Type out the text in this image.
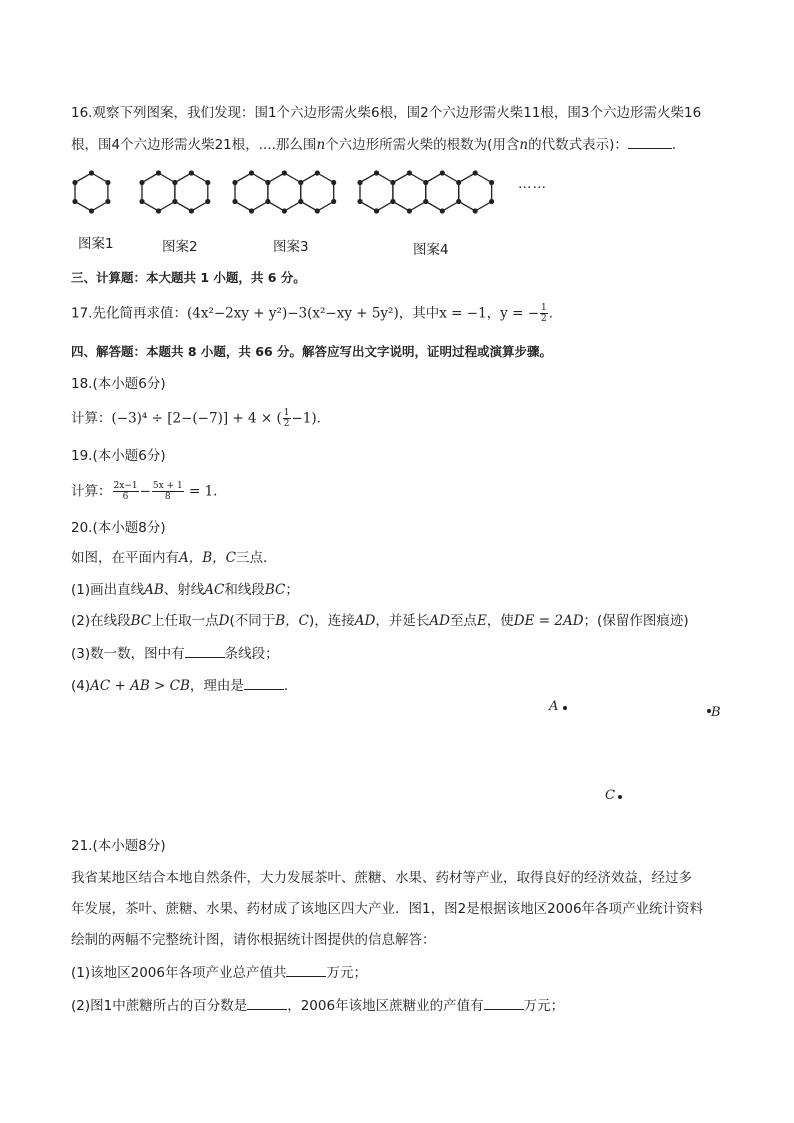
16.观察下列图案，我们发现：围1个六边形需火柴6根，围2个六边形需火柴11根，围3个六边形需火柴16
根，围4个六边形需火柴21根，....那么围n个六边形所需火柴的根数为(用含n的代数式表示)：	．
……
图案1	图案2	图案3	图案4
三、计算题：本大题共 1 小题，共 6 分。
17.先化简再求值：(4x²−2xy + y²)−3(x²−xy + 5y²)，其中x = −1，y = − $\frac{1}{2}$ .
四、解答题：本题共 8 小题，共 66 分。解答应写出文字说明，证明过程或演算步骤。
18.(本小题6分)
计算：(−3)⁴ ÷ [2−(−7)] + 4 × ( $\frac{1}{2} -1$)．
19.(本小题6分)
计算： $\frac{2x-1}{6} - \frac{5x + 1}{8} = 1$.
20.(本小题8分)
如图，在平面内有A，B，C三点．
(1)画出直线AB、射线AC和线段BC；
(2)在线段BC上任取一点D(不同于B，C)，连接AD，并延长AD至点E，使DE = 2AD；(保留作图痕迹)
(3)数一数，图中有	条线段；
(4)AC + AB > CB，理由是	．
A	B
C
21.(本小题8分)
我省某地区结合本地自然条件，大力发展茶叶、蔗糖、水果、药材等产业，取得良好的经济效益，经过多
年发展，茶叶、蔗糖、水果、药材成了该地区四大产业．图1，图2是根据该地区2006年各项产业统计资料
绘制的两幅不完整统计图，请你根据统计图提供的信息解答：
(1)该地区2006年各项产业总产值共	万元；
(2)图1中蔗糖所占的百分数是	，2006年该地区蔗糖业的产值有	万元；
